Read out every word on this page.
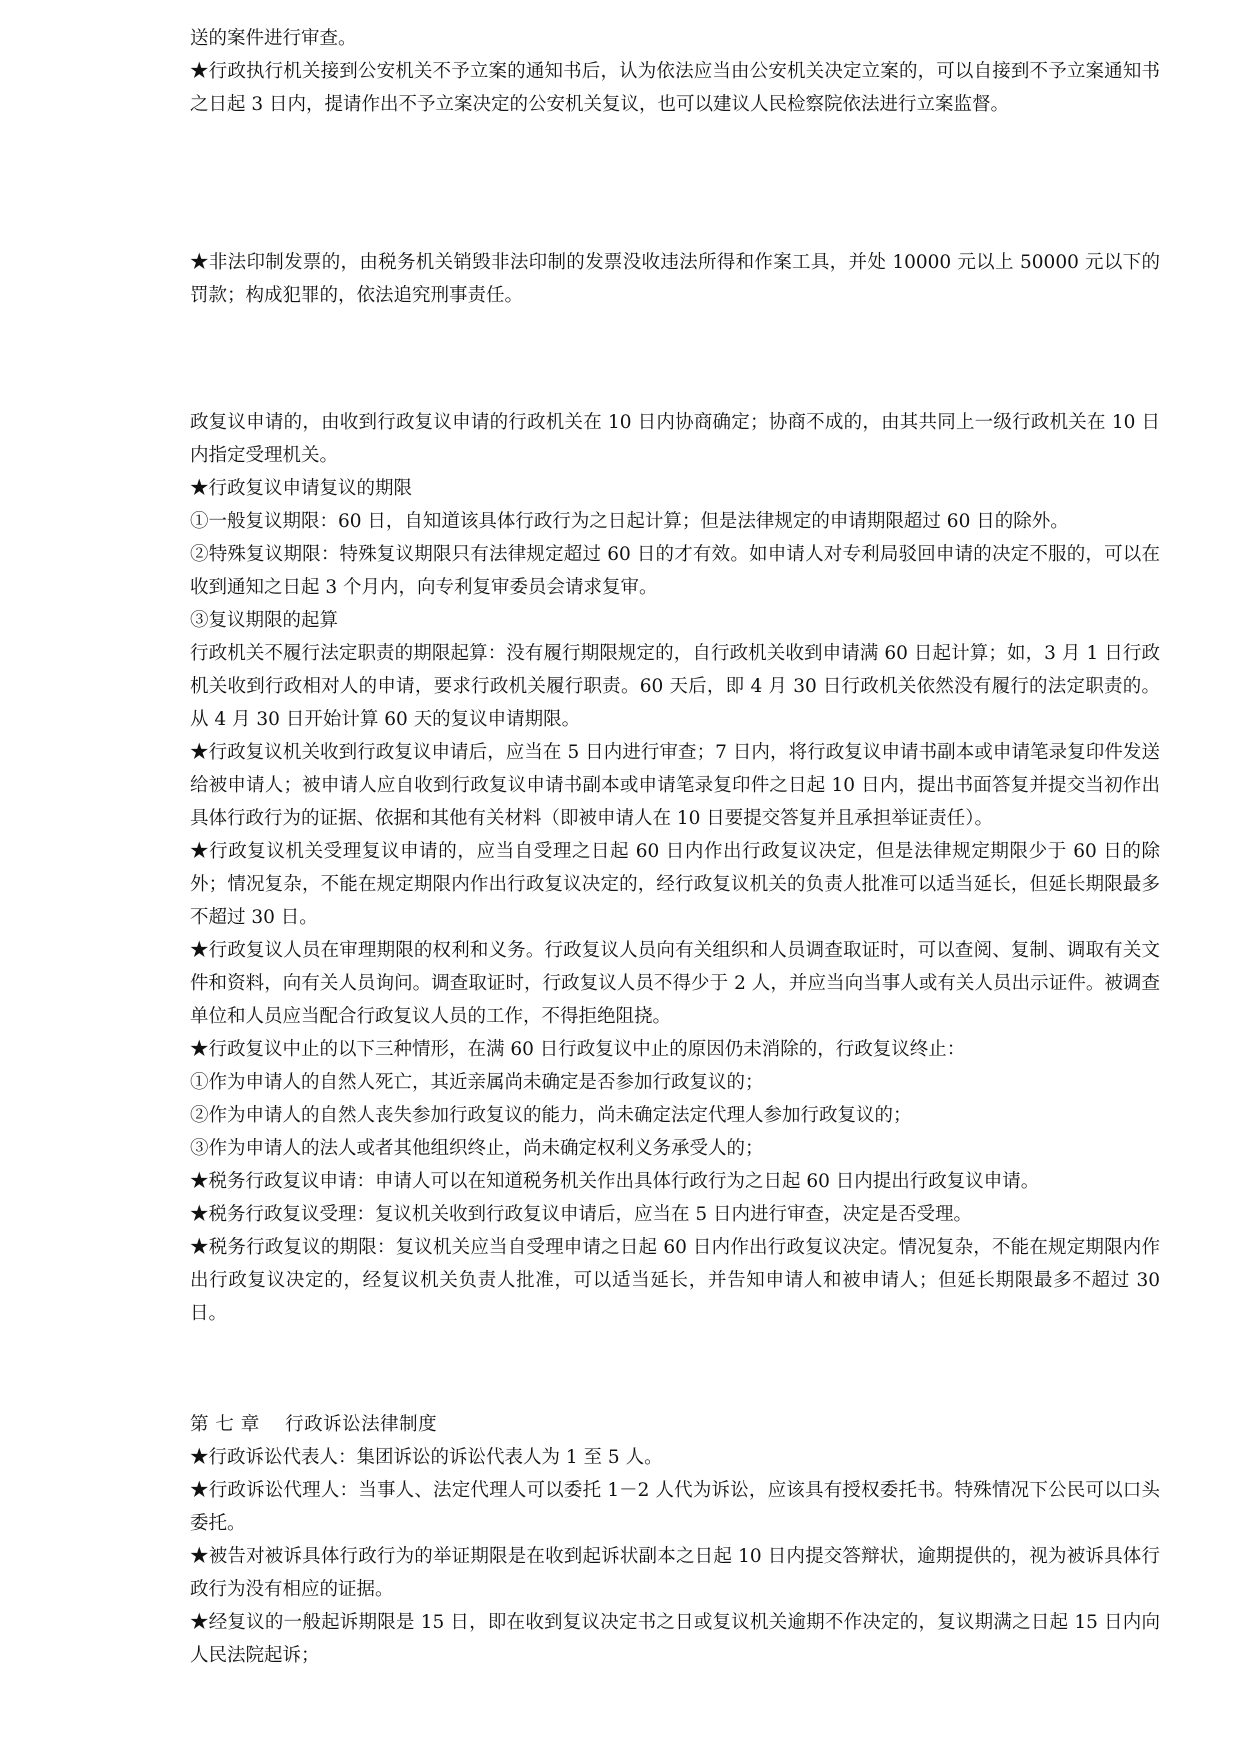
送的案件进行审查。

★行政执行机关接到公安机关不予立案的通知书后，认为依法应当由公安机关决定立案的，可以自接到不予立案通知书之日起 3 日内，提请作出不予立案决定的公安机关复议，也可以建议人民检察院依法进行立案监督。

★非法印制发票的，由税务机关销毁非法印制的发票没收违法所得和作案工具，并处 10000 元以上 50000 元以下的罚款；构成犯罪的，依法追究刑事责任。

政复议申请的，由收到行政复议申请的行政机关在 10 日内协商确定；协商不成的，由其共同上一级行政机关在 10 日内指定受理机关。

★行政复议申请复议的期限

①一般复议期限：60 日，自知道该具体行政行为之日起计算；但是法律规定的申请期限超过 60 日的除外。

②特殊复议期限：特殊复议期限只有法律规定超过 60 日的才有效。如申请人对专利局驳回申请的决定不服的，可以在收到通知之日起 3 个月内，向专利复审委员会请求复审。

③复议期限的起算

行政机关不履行法定职责的期限起算：没有履行期限规定的，自行政机关收到申请满 60 日起计算；如，3 月 1 日行政机关收到行政相对人的申请，要求行政机关履行职责。60 天后，即 4 月 30 日行政机关依然没有履行的法定职责的。从 4 月 30 日开始计算 60 天的复议申请期限。

★行政复议机关收到行政复议申请后，应当在 5 日内进行审查；7 日内，将行政复议申请书副本或申请笔录复印件发送给被申请人；被申请人应自收到行政复议申请书副本或申请笔录复印件之日起 10 日内，提出书面答复并提交当初作出具体行政行为的证据、依据和其他有关材料（即被申请人在 10 日要提交答复并且承担举证责任）。

★行政复议机关受理复议申请的，应当自受理之日起 60 日内作出行政复议决定，但是法律规定期限少于 60 日的除外；情况复杂，不能在规定期限内作出行政复议决定的，经行政复议机关的负责人批准可以适当延长，但延长期限最多不超过 30 日。

★行政复议人员在审理期限的权利和义务。行政复议人员向有关组织和人员调查取证时，可以查阅、复制、调取有关文件和资料，向有关人员询问。调查取证时，行政复议人员不得少于 2 人，并应当向当事人或有关人员出示证件。被调查单位和人员应当配合行政复议人员的工作，不得拒绝阻挠。

★行政复议中止的以下三种情形，在满 60 日行政复议中止的原因仍未消除的，行政复议终止：

①作为申请人的自然人死亡，其近亲属尚未确定是否参加行政复议的；

②作为申请人的自然人丧失参加行政复议的能力，尚未确定法定代理人参加行政复议的；

③作为申请人的法人或者其他组织终止，尚未确定权利义务承受人的；

★税务行政复议申请：申请人可以在知道税务机关作出具体行政行为之日起 60 日内提出行政复议申请。

★税务行政复议受理：复议机关收到行政复议申请后，应当在 5 日内进行审查，决定是否受理。

★税务行政复议的期限：复议机关应当自受理申请之日起 60 日内作出行政复议决定。情况复杂，不能在规定期限内作出行政复议决定的，经复议机关负责人批准，可以适当延长，并告知申请人和被申请人；但延长期限最多不超过 30 日。

第 七 章　 行政诉讼法律制度

★行政诉讼代表人：集团诉讼的诉讼代表人为 1 至 5 人。

★行政诉讼代理人：当事人、法定代理人可以委托 1－2 人代为诉讼，应该具有授权委托书。特殊情况下公民可以口头委托。

★被告对被诉具体行政行为的举证期限是在收到起诉状副本之日起 10 日内提交答辩状，逾期提供的，视为被诉具体行政行为没有相应的证据。

★经复议的一般起诉期限是 15 日，即在收到复议决定书之日或复议机关逾期不作决定的，复议期满之日起 15 日内向人民法院起诉；
